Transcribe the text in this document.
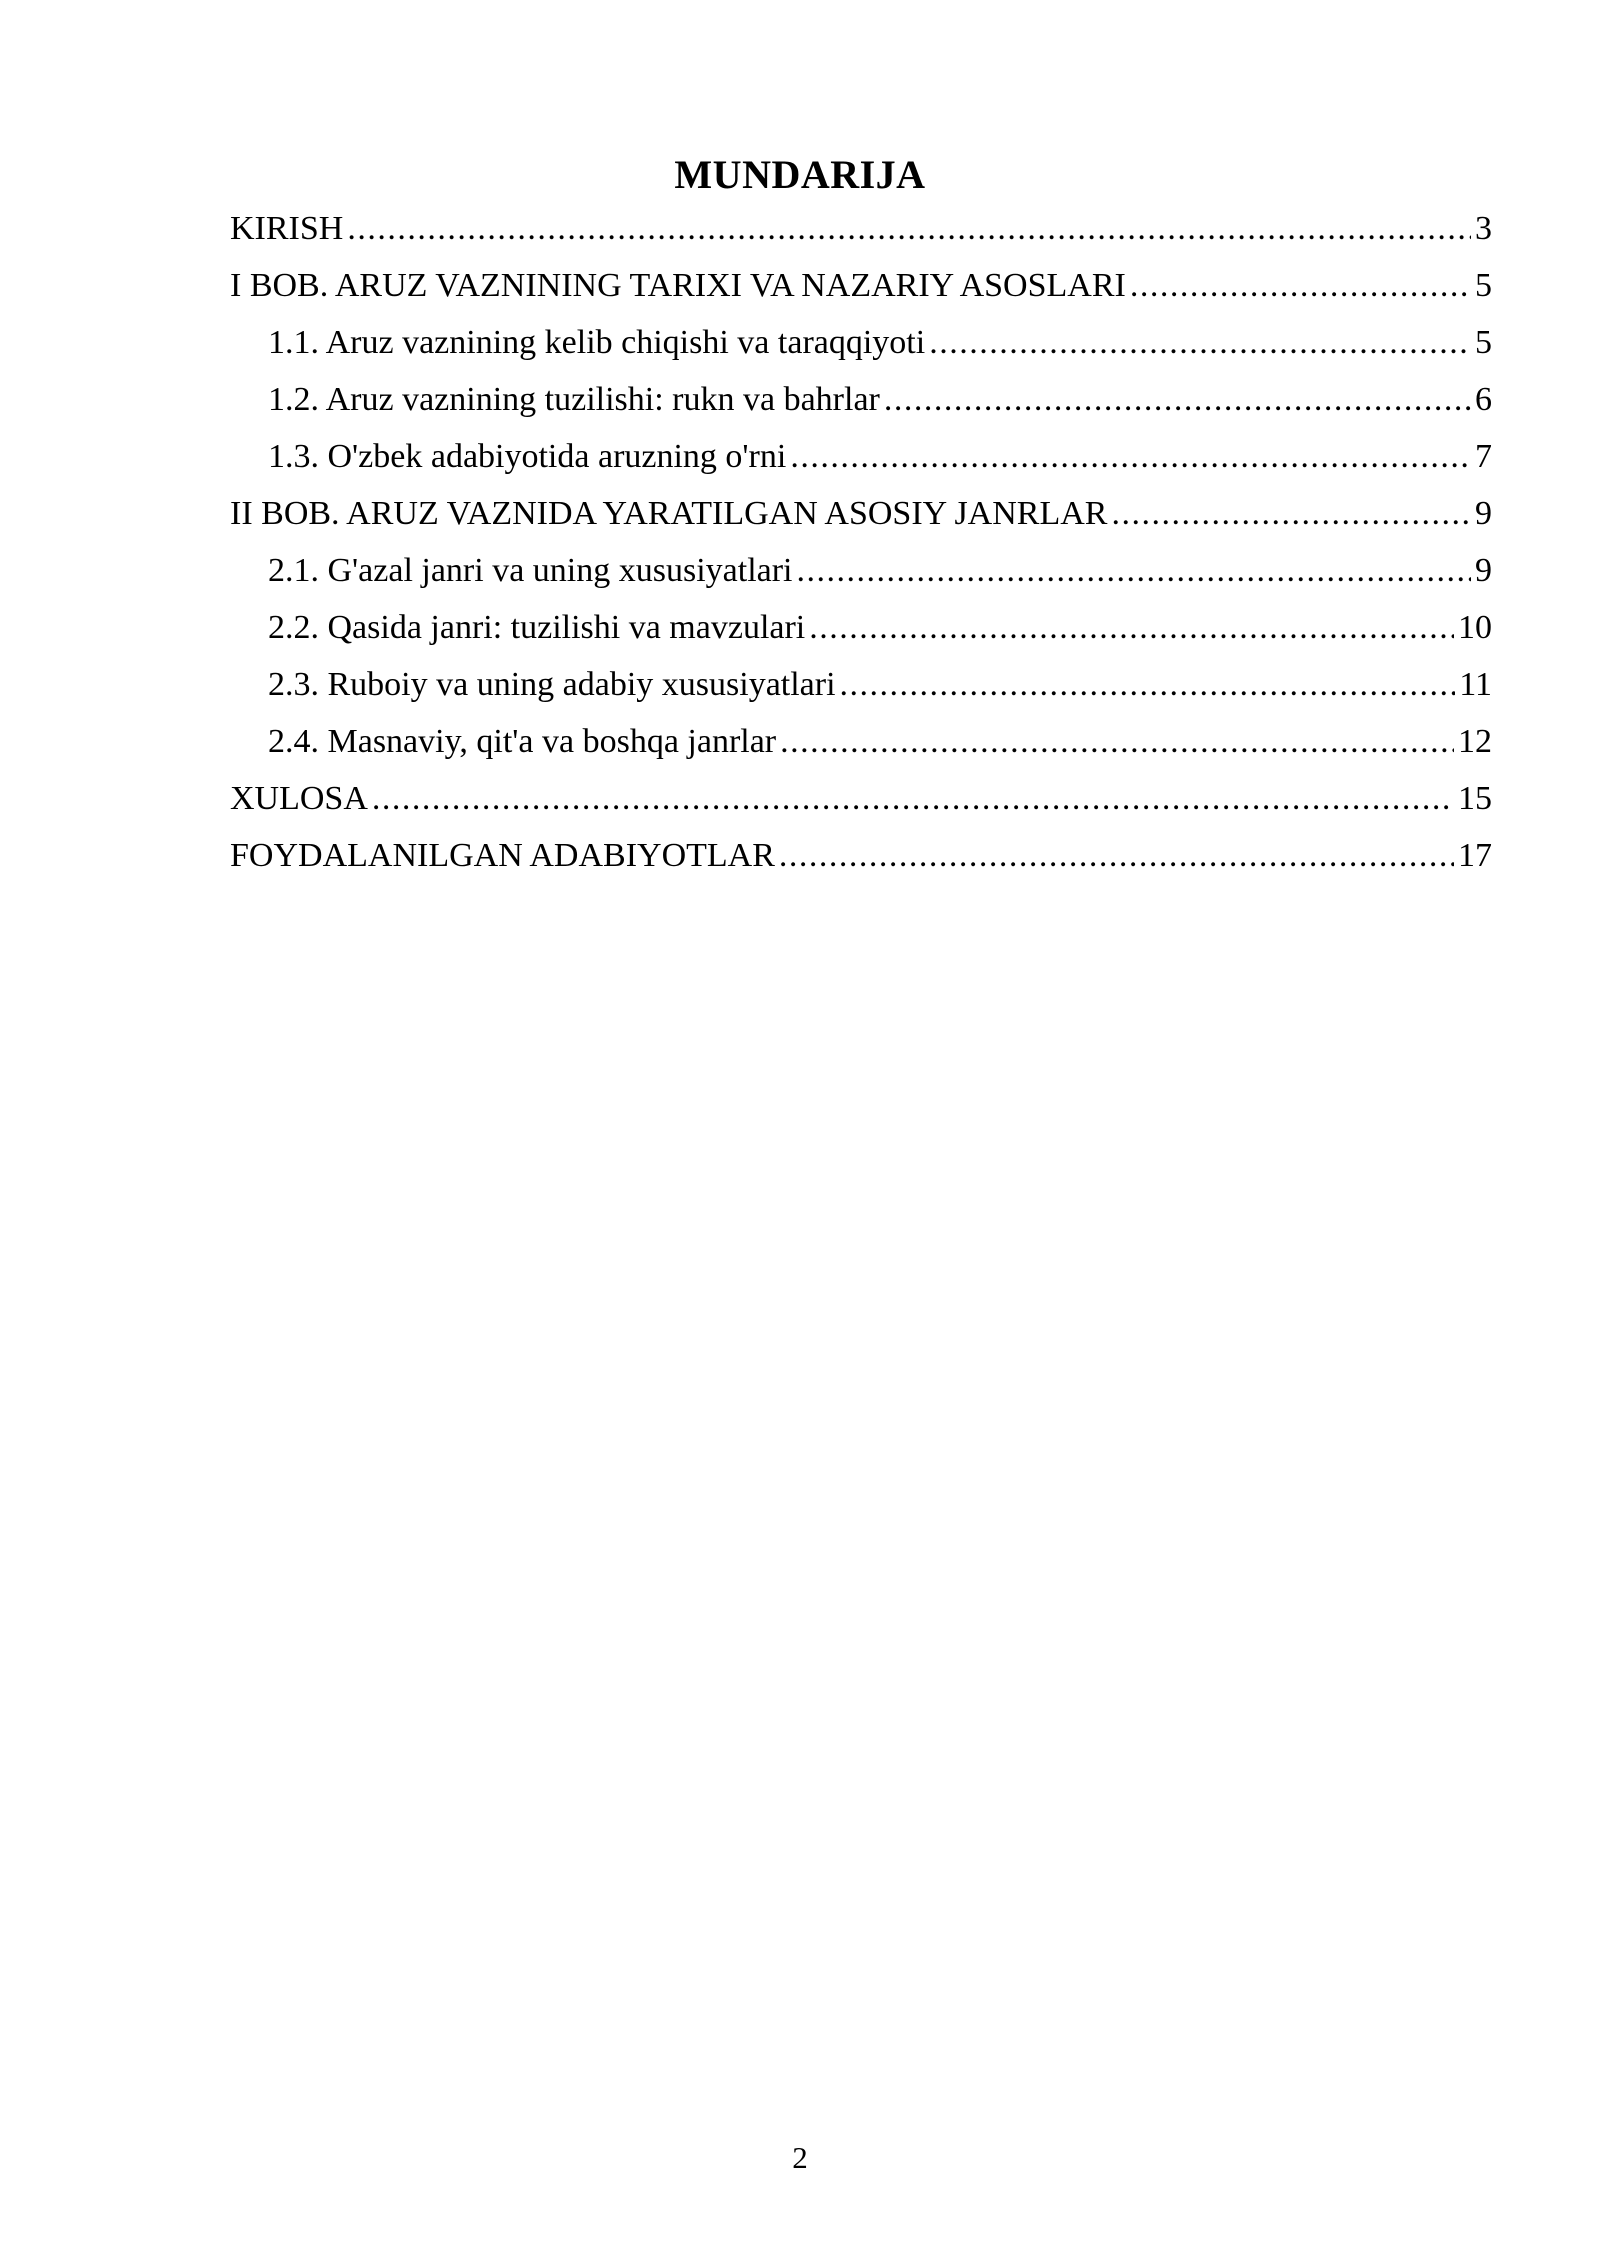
MUNDARIJA
KIRISH .....	3
I BOB. ARUZ VAZNINING TARIXI VA NAZARIY ASOSLARI .....	5
1.1. Aruz vaznining kelib chiqishi va taraqqiyoti .....	5
1.2. Aruz vaznining tuzilishi: rukn va bahrlar .....	6
1.3. O'zbek adabiyotida aruzning o'rni .....	7
II BOB. ARUZ VAZNIDA YARATILGAN ASOSIY JANRLAR .....	9
2.1. G'azal janri va uning xususiyatlari .....	9
2.2. Qasida janri: tuzilishi va mavzulari .....	10
2.3. Ruboiy va uning adabiy xususiyatlari .....	11
2.4. Masnaviy, qit'a va boshqa janrlar .....	12
XULOSA .....	15
FOYDALANILGAN ADABIYOTLAR .....	17
2
